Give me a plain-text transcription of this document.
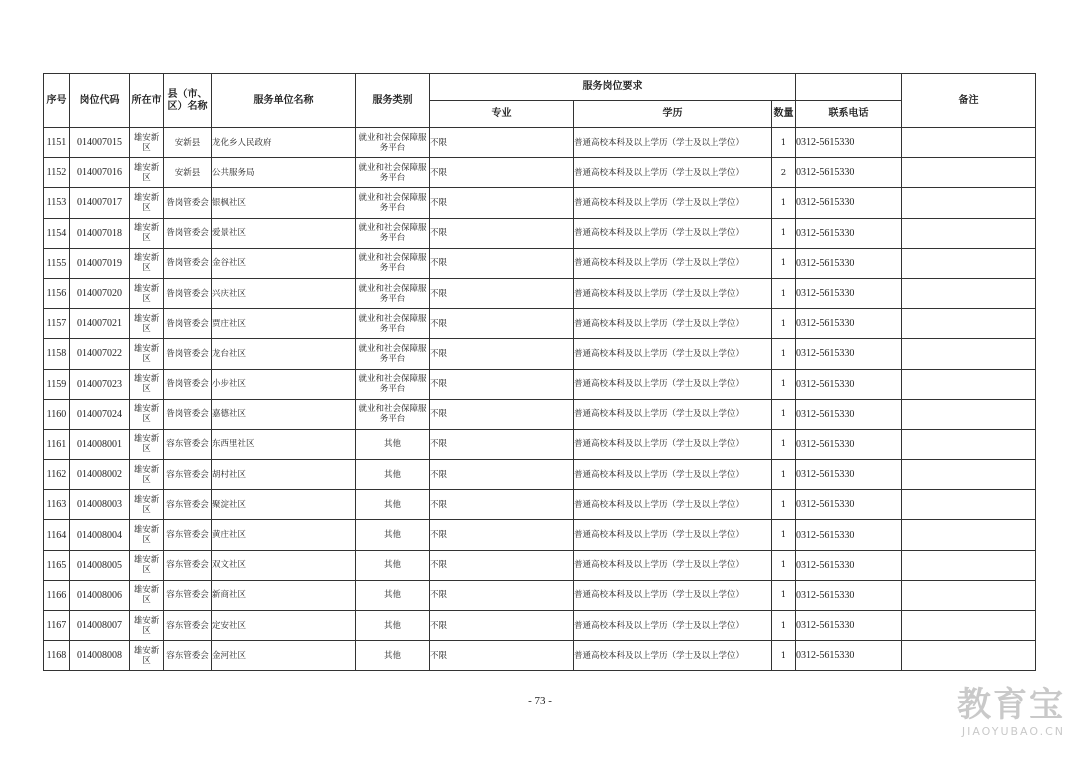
序号	岗位代码	所在市	县（市、区）名称	服务单位名称	服务类别	服务岗位要求				备注
						专业	学历	数量	联系电话	
1151	014007015	雄安新区	安新县	龙化乡人民政府	就业和社会保障服务平台	不限	普通高校本科及以上学历（学士及以上学位）	1	0312-5615330	
1152	014007016	雄安新区	安新县	公共服务局	就业和社会保障服务平台	不限	普通高校本科及以上学历（学士及以上学位）	2	0312-5615330	
1153	014007017	雄安新区	昝岗管委会	银枫社区	就业和社会保障服务平台	不限	普通高校本科及以上学历（学士及以上学位）	1	0312-5615330	
1154	014007018	雄安新区	昝岗管委会	爱景社区	就业和社会保障服务平台	不限	普通高校本科及以上学历（学士及以上学位）	1	0312-5615330	
1155	014007019	雄安新区	昝岗管委会	金谷社区	就业和社会保障服务平台	不限	普通高校本科及以上学历（学士及以上学位）	1	0312-5615330	
1156	014007020	雄安新区	昝岗管委会	兴庆社区	就业和社会保障服务平台	不限	普通高校本科及以上学历（学士及以上学位）	1	0312-5615330	
1157	014007021	雄安新区	昝岗管委会	贾庄社区	就业和社会保障服务平台	不限	普通高校本科及以上学历（学士及以上学位）	1	0312-5615330	
1158	014007022	雄安新区	昝岗管委会	龙台社区	就业和社会保障服务平台	不限	普通高校本科及以上学历（学士及以上学位）	1	0312-5615330	
1159	014007023	雄安新区	昝岗管委会	小步社区	就业和社会保障服务平台	不限	普通高校本科及以上学历（学士及以上学位）	1	0312-5615330	
1160	014007024	雄安新区	昝岗管委会	嘉德社区	就业和社会保障服务平台	不限	普通高校本科及以上学历（学士及以上学位）	1	0312-5615330	
1161	014008001	雄安新区	容东管委会	东西里社区	其他	不限	普通高校本科及以上学历（学士及以上学位）	1	0312-5615330	
1162	014008002	雄安新区	容东管委会	胡村社区	其他	不限	普通高校本科及以上学历（学士及以上学位）	1	0312-5615330	
1163	014008003	雄安新区	容东管委会	聚淀社区	其他	不限	普通高校本科及以上学历（学士及以上学位）	1	0312-5615330	
1164	014008004	雄安新区	容东管委会	黄庄社区	其他	不限	普通高校本科及以上学历（学士及以上学位）	1	0312-5615330	
1165	014008005	雄安新区	容东管委会	双文社区	其他	不限	普通高校本科及以上学历（学士及以上学位）	1	0312-5615330	
1166	014008006	雄安新区	容东管委会	新商社区	其他	不限	普通高校本科及以上学历（学士及以上学位）	1	0312-5615330	
1167	014008007	雄安新区	容东管委会	定安社区	其他	不限	普通高校本科及以上学历（学士及以上学位）	1	0312-5615330	
1168	014008008	雄安新区	容东管委会	金河社区	其他	不限	普通高校本科及以上学历（学士及以上学位）	1	0312-5615330	
- 73 -	教育宝
JIAOYUBAO.CN
